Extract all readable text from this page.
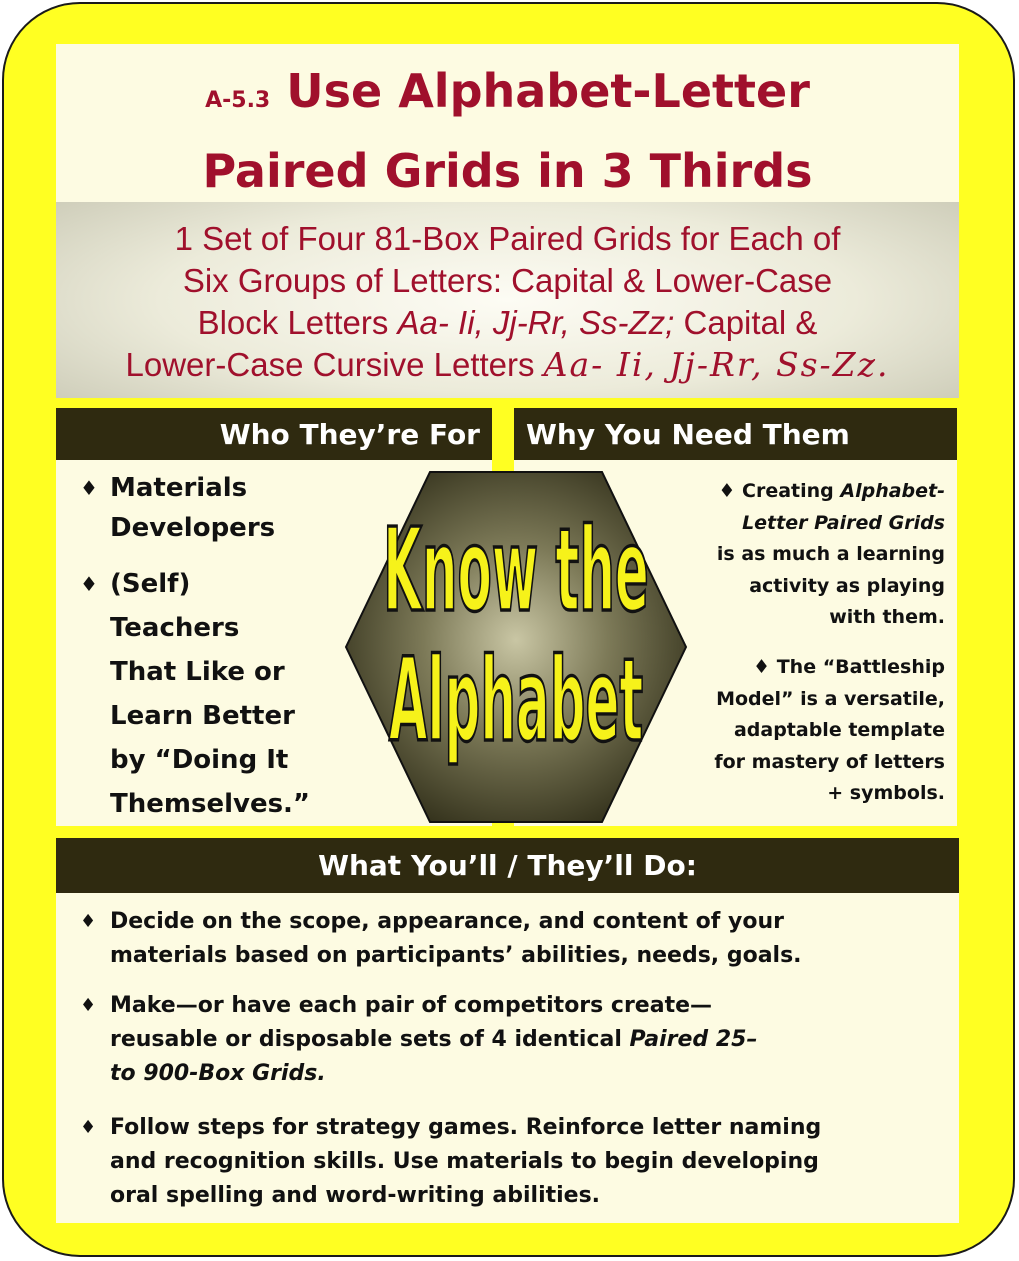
A-5.3 Use Alphabet-Letter
Paired Grids in 3 Thirds
1 Set of Four 81-Box Paired Grids for Each of
Six Groups of Letters: Capital & Lower-Case
Block Letters Aa- Ii, Jj-Rr, Ss-Zz; Capital &
Lower-Case Cursive Letters Aa- Ii, Jj-Rr, Ss-Zz.
Who They’re For Why You Need Them
♦ Materials
Developers
♦ (Self)
Teachers
That Like or
Learn Better
by “Doing It
Themselves.”
♦ Creating Alphabet-
Letter Paired Grids
is as much a learning
activity as playing
with them.
♦ The “Battleship
Model” is a versatile,
adaptable template
for mastery of letters
+ symbols.
Know the
Alphabet
What You’ll / They’ll Do:
♦ Decide on the scope, appearance, and content of your
materials based on participants’ abilities, needs, goals.
♦ Make—or have each pair of competitors create—
reusable or disposable sets of 4 identical Paired 25–
to 900-Box Grids.
♦ Follow steps for strategy games. Reinforce letter naming
and recognition skills. Use materials to begin developing
oral spelling and word-writing abilities.
